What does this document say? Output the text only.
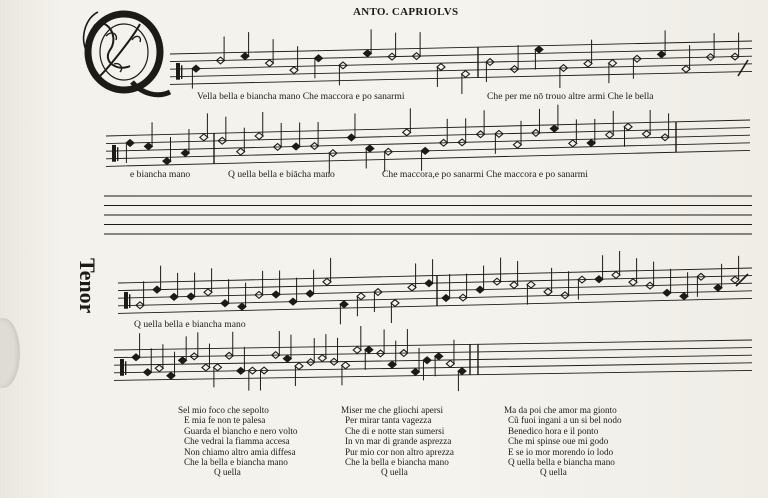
ANTO. CAPRIOLVS
Vella bella e biancha mano Che maccora e po sanarmi	Che per me nō trouo altre armi Che le bella
e biancha mano	Q uella bella e biācha mano	Che maccora,e po sanarmi Che maccora e po sanarmi
Tenor
Q uella bella e biancha mano
Sel mio foco che sepolto
E mia fe non te palesa
Guarda el biancho e nero volto
Che vedrai la fiamma accesa
Non chiamo altro amia diffesa
Che la bella e biancha mano
Q uella
Miser me che gliochi apersi
Per mirar tanta vagezza
Che di e notte stan sumersi
In vn mar di grande asprezza
Pur mio cor non altro aprezza
Che la bella e biancha mano
Q uella
Ma da poi che amor ma gionto
Cũ fuoi ingani a un si bel nodo
Benedico hora e il ponto
Che mi spinse oue mi godo
E se io mor morendo io lodo
Q uella bella e biancha mano
Q uella
